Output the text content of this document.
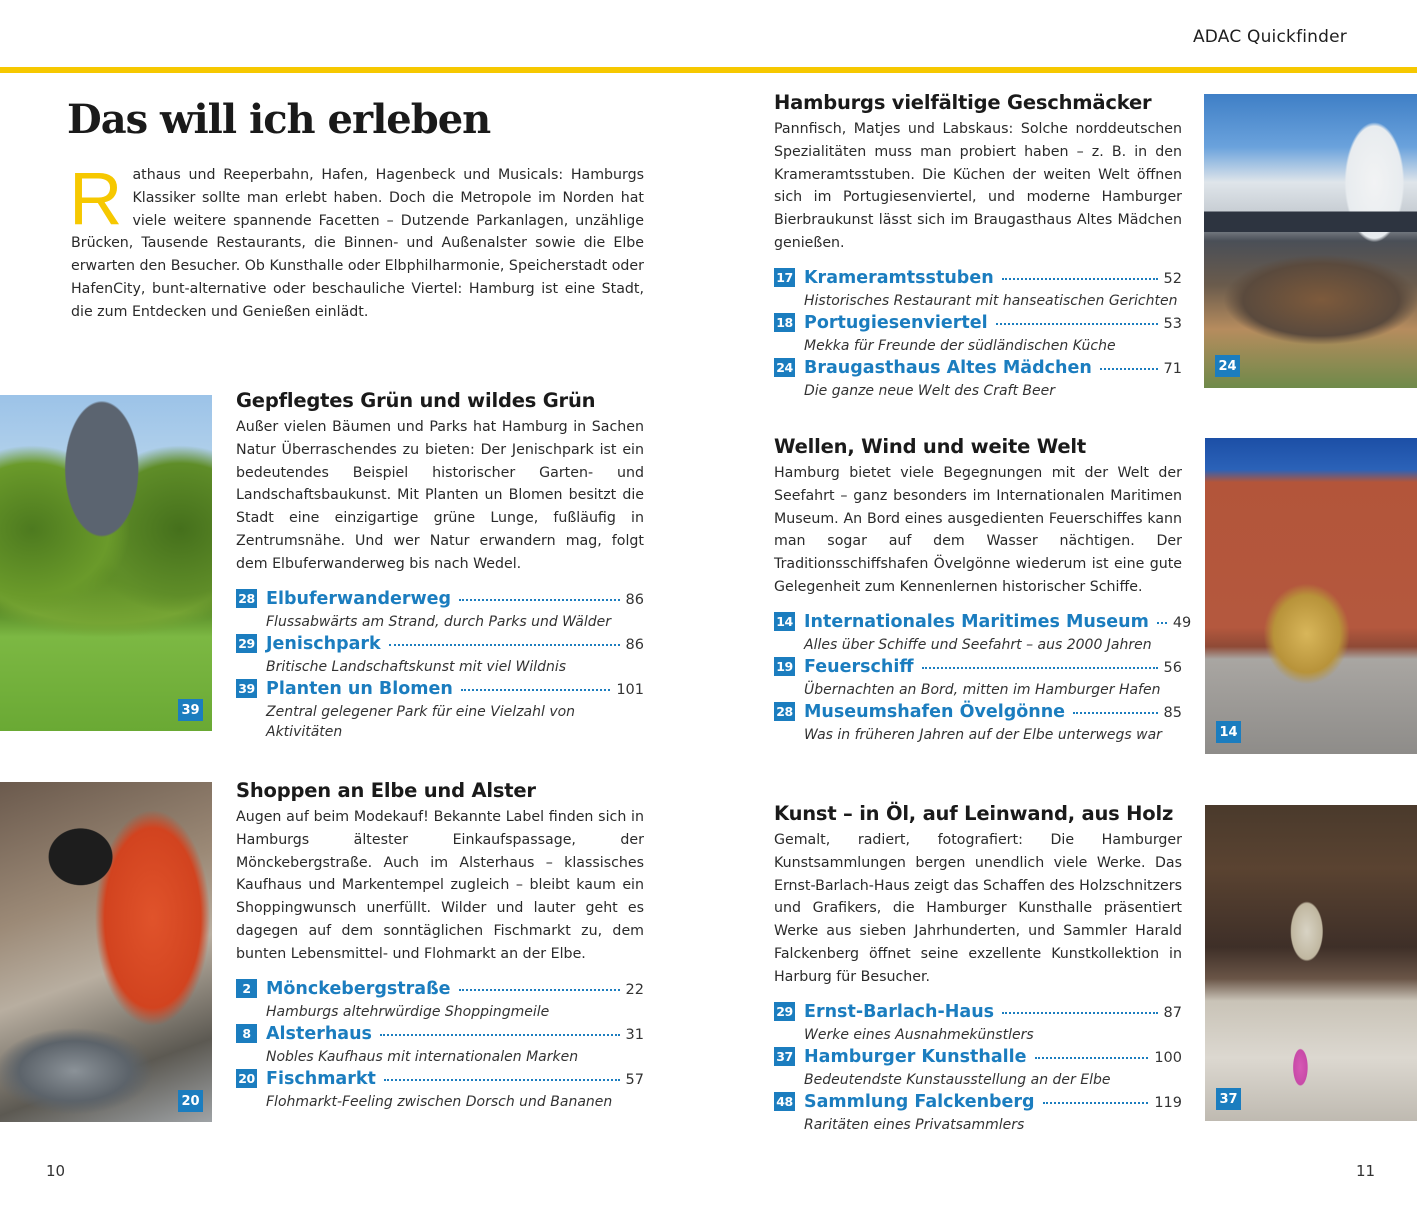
ADAC Quickfinder
Das will ich erleben
R athaus und Reeperbahn, Hafen, Hagenbeck und Musicals: Hamburgs Klassiker sollte man erlebt haben. Doch die Metropole im Norden hat viele weitere spannende Facetten – Dutzende Parkanlagen, unzählige Brücken, Tausende Restaurants, die Binnen- und Außenalster sowie die Elbe erwarten den Besucher. Ob Kunsthalle oder Elbphilharmonie, Speicherstadt oder HafenCity, bunt-alternative oder beschauliche Viertel: Hamburg ist eine Stadt, die zum Entdecken und Genießen einlädt.
39
20
24
14
37
Gepflegtes Grün und wildes Grün
Außer vielen Bäumen und Parks hat Hamburg in Sachen Natur Überraschendes zu bieten: Der Jenischpark ist ein bedeutendes Beispiel historischer Garten- und Landschaftsbaukunst. Mit Planten un Blomen besitzt die Stadt eine einzigartige grüne Lunge, fußläufig in Zentrumsnähe. Und wer Natur erwandern mag, folgt dem Elbuferwanderweg bis nach Wedel.
28 Elbuferwanderweg	86
Flussabwärts am Strand, durch Parks und Wälder
29 Jenischpark	86
Britische Landschaftskunst mit viel Wildnis
39 Planten un Blomen	101
Zentral gelegener Park für eine Vielzahl von Aktivitäten
Shoppen an Elbe und Alster
Augen auf beim Modekauf! Bekannte Label finden sich in Hamburgs ältester Einkaufspassage, der Mönckebergstraße. Auch im Alsterhaus – klassisches Kaufhaus und Markentempel zugleich – bleibt kaum ein Shoppingwunsch unerfüllt. Wilder und lauter geht es dagegen auf dem sonntäglichen Fischmarkt zu, dem bunten Lebensmittel- und Flohmarkt an der Elbe.
2 Mönckebergstraße	22
Hamburgs altehrwürdige Shoppingmeile
8 Alsterhaus	31
Nobles Kaufhaus mit internationalen Marken
20 Fischmarkt	57
Flohmarkt-Feeling zwischen Dorsch und Bananen
Hamburgs vielfältige Geschmäcker
Pannfisch, Matjes und Labskaus: Solche norddeutschen Spezialitäten muss man probiert haben – z. B. in den Krameramtsstuben. Die Küchen der weiten Welt öffnen sich im Portugiesenviertel, und moderne Hamburger Bierbraukunst lässt sich im Braugasthaus Altes Mädchen genießen.
17 Krameramtsstuben	52
Historisches Restaurant mit hanseatischen Gerichten
18 Portugiesenviertel	53
Mekka für Freunde der südländischen Küche
24 Braugasthaus Altes Mädchen	71
Die ganze neue Welt des Craft Beer
Wellen, Wind und weite Welt
Hamburg bietet viele Begegnungen mit der Welt der Seefahrt – ganz besonders im Internationalen Maritimen Museum. An Bord eines ausgedienten Feuerschiffes kann man sogar auf dem Wasser nächtigen. Der Traditionsschiffshafen Övelgönne wiederum ist eine gute Gelegenheit zum Kennenlernen historischer Schiffe.
14 Internationales Maritimes Museum 49
Alles über Schiffe und Seefahrt – aus 2000 Jahren
19 Feuerschiff	56
Übernachten an Bord, mitten im Hamburger Hafen
28 Museumshafen Övelgönne	85
Was in früheren Jahren auf der Elbe unterwegs war
Kunst – in Öl, auf Leinwand, aus Holz
Gemalt, radiert, fotografiert: Die Hamburger Kunstsammlungen bergen unendlich viele Werke. Das Ernst-Barlach-Haus zeigt das Schaffen des Holzschnitzers und Grafikers, die Hamburger Kunsthalle präsentiert Werke aus sieben Jahrhunderten, und Sammler Harald Falckenberg öffnet seine exzellente Kunstkollektion in Harburg für Besucher.
29 Ernst-Barlach-Haus	87
Werke eines Ausnahmekünstlers
37 Hamburger Kunsthalle	100
Bedeutendste Kunstausstellung an der Elbe
48 Sammlung Falckenberg	119
Raritäten eines Privatsammlers
10	11
